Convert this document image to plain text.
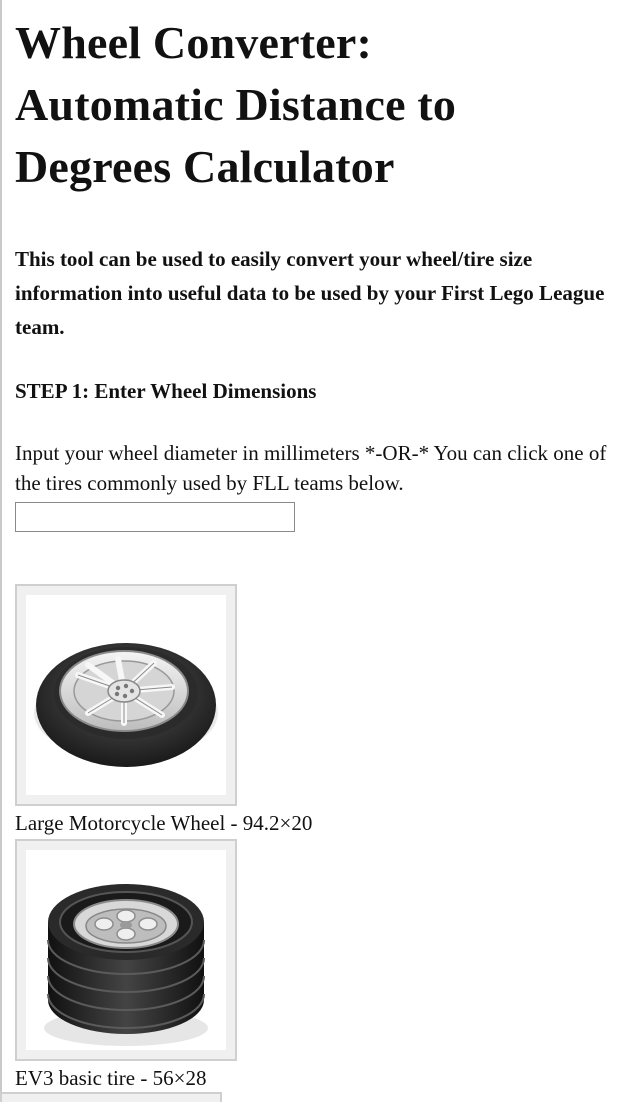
Wheel Converter:
Automatic Distance to
Degrees Calculator

This tool can be used to easily convert your wheel/tire size information into useful data to be used by your First Lego League team.

STEP 1: Enter Wheel Dimensions

Input your wheel diameter in millimeters *-OR-* You can click one of the tires commonly used by FLL teams below.

Large Motorcycle Wheel - 94.2×20
EV3 basic tire - 56×28
